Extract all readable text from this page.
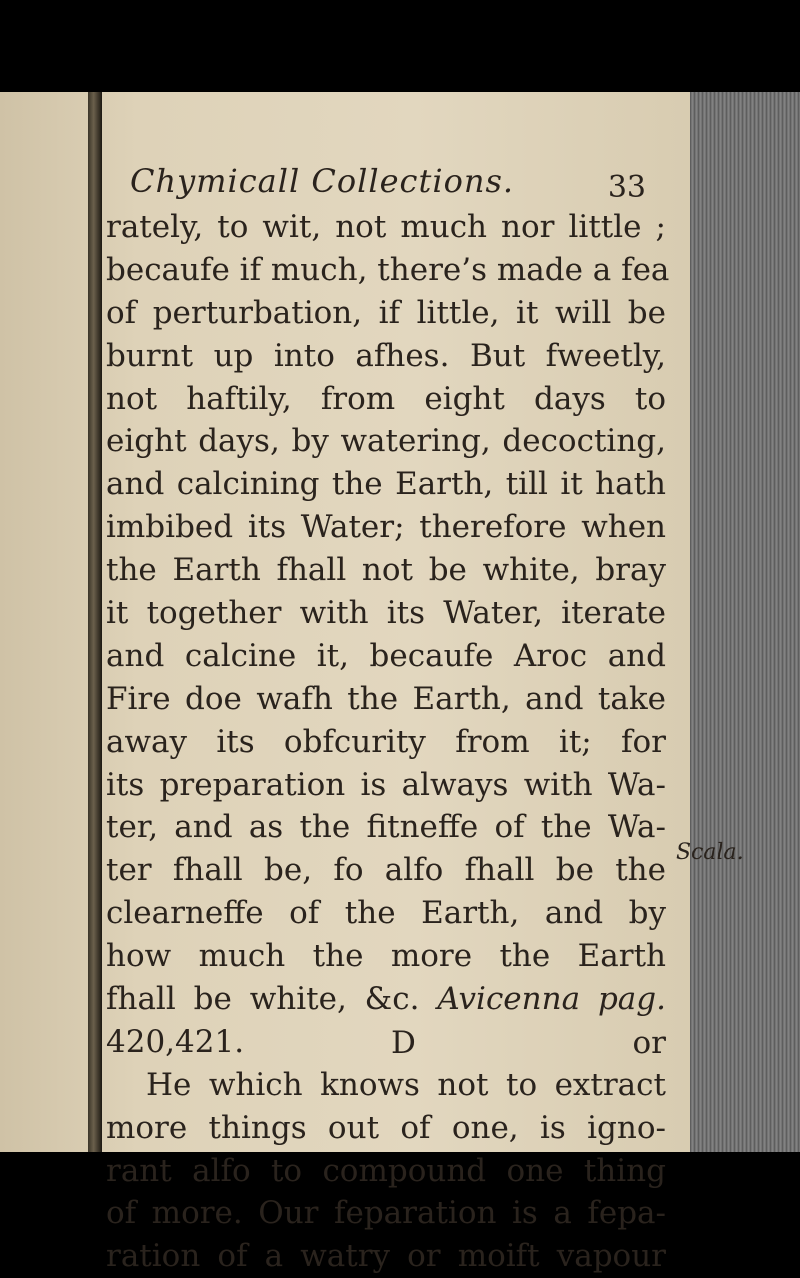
Chymicall Collections.	33
rately, to wit, not much nor little ;
becaufe if much, there’s made a fea
of perturbation, if little, it will be
burnt up into afhes. But fweetly,
not haftily, from eight days to
eight days, by watering, decocting,
and calcining the Earth, till it hath
imbibed its Water; therefore when
the Earth fhall not be white, bray
it together with its Water, iterate
and calcine it, becaufe Aroc and
Fire doe wafh the Earth, and take
away its obfcurity from it; for
its preparation is always with Wa-
ter, and as the fitneffe of the Wa-
ter fhall be, fo alfo fhall be the
clearneffe of the Earth, and by
how much the more the Earth
fhall be white, &c. Avicenna pag.
420,421.
He which knows not to extract
more things out of one, is igno-
rant alfo to compound one thing
of more. Our feparation is a fepa-
ration of a watry or moift vapour
Scala.
D	or
